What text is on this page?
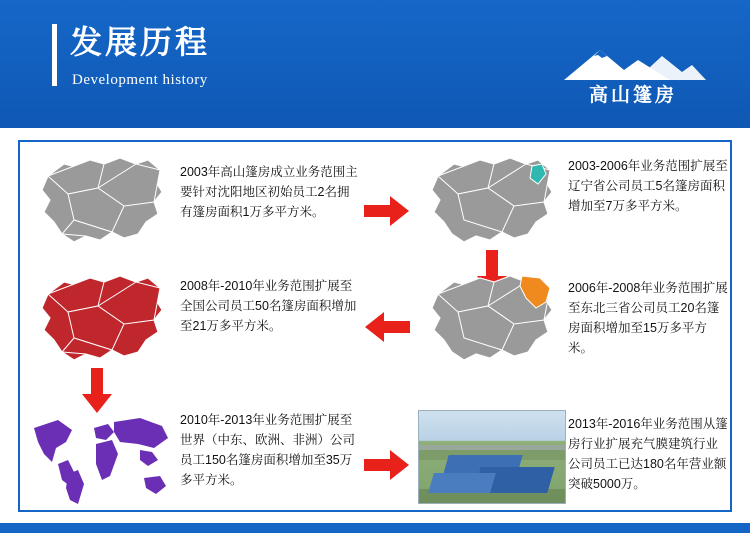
发展历程
Development history
高山篷房
2003年高山篷房成立业务范围主要针对沈阳地区初始员工2名拥有篷房面积1万多平方米。
2003-2006年业务范围扩展至辽宁省公司员工5名篷房面积增加至7万多平方米。
2006年-2008年业务范围扩展至东北三省公司员工20名篷房面积增加至15万多平方米。
2008年-2010年业务范围扩展至全国公司员工50名篷房面积增加至21万多平方米。
2010年-2013年业务范围扩展至世界（中东、欧洲、非洲）公司员工150名篷房面积增加至35万多平方米。
2013年-2016年业务范围从篷房行业扩展充气膜建筑行业公司员工已达180名年营业额突破5000万。
